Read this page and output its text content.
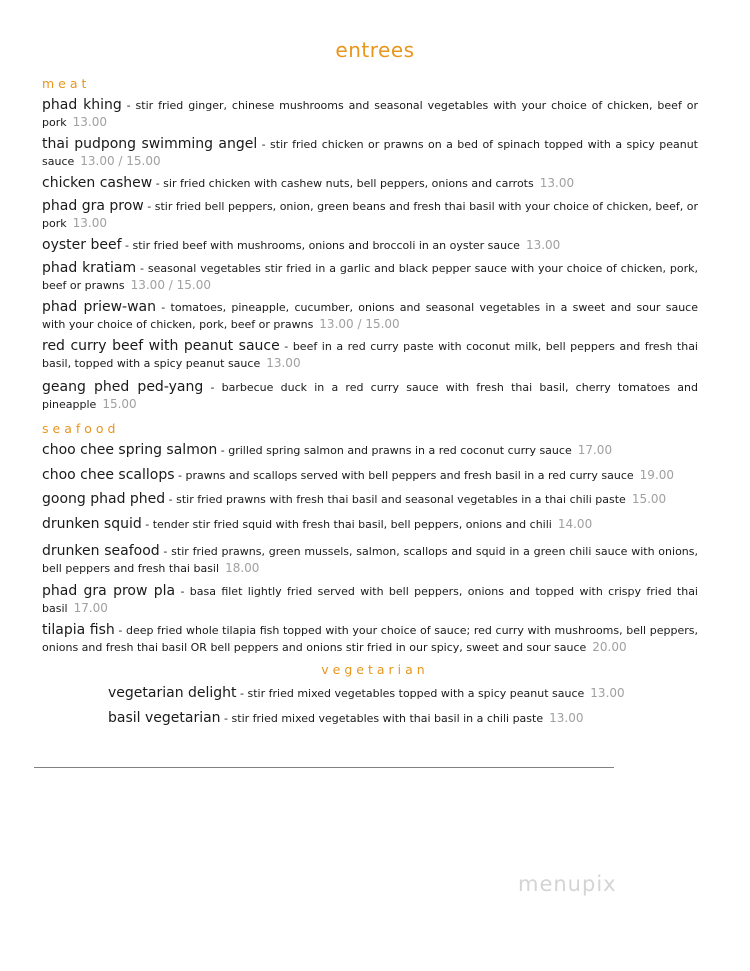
entrees
meat
phad khing - stir fried ginger, chinese mushrooms and seasonal vegetables with your choice of chicken, beef or pork 13.00
thai pudpong swimming angel - stir fried chicken or prawns on a bed of spinach topped with a spicy peanut sauce 13.00 / 15.00
chicken cashew - sir fried chicken with cashew nuts, bell peppers, onions and carrots 13.00
phad gra prow - stir fried bell peppers, onion, green beans and fresh thai basil with your choice of chicken, beef, or pork 13.00
oyster beef - stir fried beef with mushrooms, onions and broccoli in an oyster sauce 13.00
phad kratiam - seasonal vegetables stir fried in a garlic and black pepper sauce with your choice of chicken, pork, beef or prawns 13.00 / 15.00
phad priew-wan - tomatoes, pineapple, cucumber, onions and seasonal vegetables in a sweet and sour sauce with your choice of chicken, pork, beef or prawns 13.00 / 15.00
red curry beef with peanut sauce - beef in a red curry paste with coconut milk, bell peppers and fresh thai basil, topped with a spicy peanut sauce 13.00
geang phed ped-yang - barbecue duck in a red curry sauce with fresh thai basil, cherry tomatoes and pineapple 15.00
seafood
choo chee spring salmon - grilled spring salmon and prawns in a red coconut curry sauce 17.00
choo chee scallops - prawns and scallops served with bell peppers and fresh basil in a red curry sauce 19.00
goong phad phed - stir fried prawns with fresh thai basil and seasonal vegetables in a thai chili paste 15.00
drunken squid - tender stir fried squid with fresh thai basil, bell peppers, onions and chili 14.00
drunken seafood - stir fried prawns, green mussels, salmon, scallops and squid in a green chili sauce with onions, bell peppers and fresh thai basil 18.00
phad gra prow pla - basa filet lightly fried served with bell peppers, onions and topped with crispy fried thai basil 17.00
tilapia fish - deep fried whole tilapia fish topped with your choice of sauce; red curry with mushrooms, bell peppers, onions and fresh thai basil OR bell peppers and onions stir fried in our spicy, sweet and sour sauce 20.00
vegetarian
vegetarian delight - stir fried mixed vegetables topped with a spicy peanut sauce 13.00
basil vegetarian - stir fried mixed vegetables with thai basil in a chili paste 13.00
menupix
